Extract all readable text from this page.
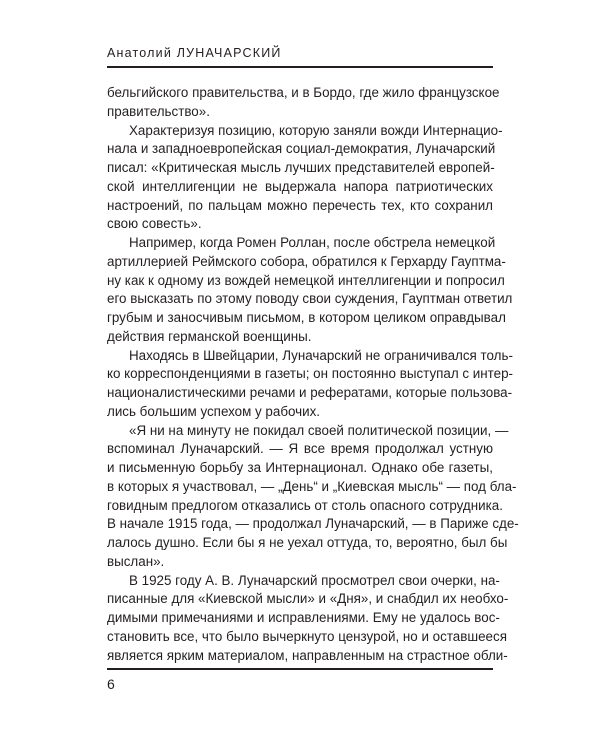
Анатолий ЛУНАЧАРСКИЙ
бельгийского правительства, и в Бордо, где жило французское
правительство».
Характеризуя позицию, которую заняли вожди Интернацио-
нала и западноевропейская социал-демократия, Луначарский
писал: «Критическая мысль лучших представителей европей-
ской интеллигенции не выдержала напора патриотических
настроений, по пальцам можно перечесть тех, кто сохранил
свою совесть».
Например, когда Ромен Роллан, после обстрела немецкой
артиллерией Реймского собора, обратился к Герхарду Гауптма-
ну как к одному из вождей немецкой интеллигенции и попросил
его высказать по этому поводу свои суждения, Гауптман ответил
грубым и заносчивым письмом, в котором целиком оправдывал
действия германской военщины.
Находясь в Швейцарии, Луначарский не ограничивался толь-
ко корреспонденциями в газеты; он постоянно выступал с интер-
националистическими речами и рефератами, которые пользова-
лись большим успехом у рабочих.
«Я ни на минуту не покидал своей политической позиции, —
вспоминал Луначарский. — Я все время продолжал устную
и письменную борьбу за Интернационал. Однако обе газеты,
в которых я участвовал, — „День“ и „Киевская мысль“ — под бла-
говидным предлогом отказались от столь опасного сотрудника.
В начале 1915 года, — продолжал Луначарский, — в Париже сде-
лалось душно. Если бы я не уехал оттуда, то, вероятно, был бы
выслан».
В 1925 году А. В. Луначарский просмотрел свои очерки, на-
писанные для «Киевской мысли» и «Дня», и снабдил их необхо-
димыми примечаниями и исправлениями. Ему не удалось вос-
становить все, что было вычеркнуто цензурой, но и оставшееся
является ярким материалом, направленным на страстное обли-
6
